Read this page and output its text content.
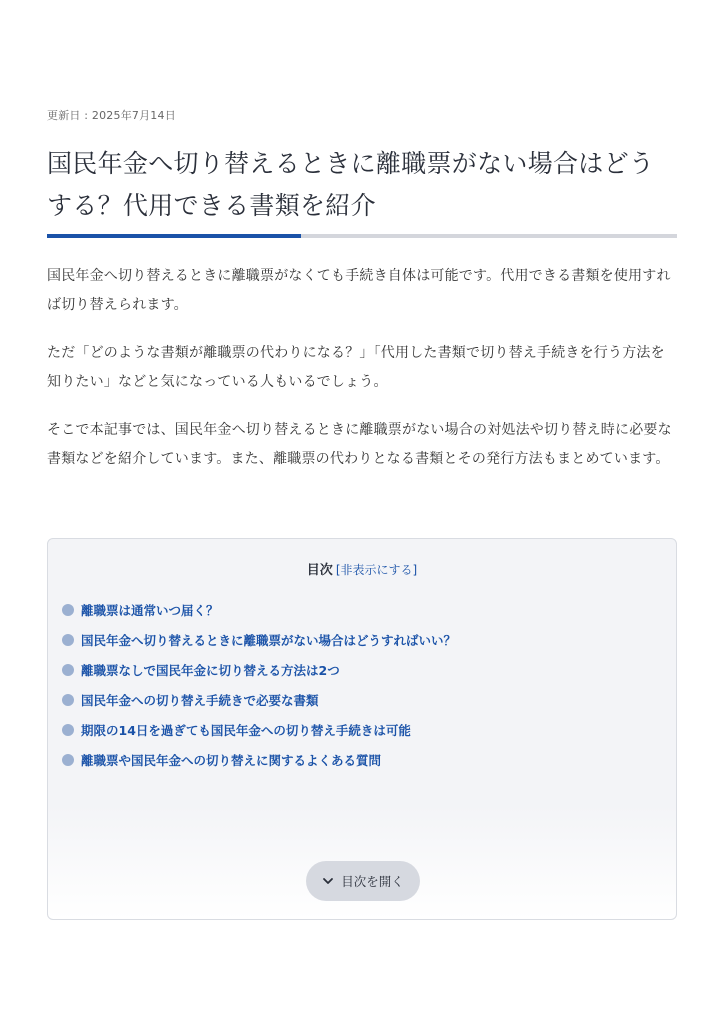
更新日 : 2025年7月14日
国民年金へ切り替えるときに離職票がない場合はどうする？代用できる書類を紹介

国民年金へ切り替えるときに離職票がなくても手続き自体は可能です。代用できる書類を使用すれば切り替えられます。

ただ「どのような書類が離職票の代わりになる？」「代用した書類で切り替え手続きを行う方法を知りたい」などと気になっている人もいるでしょう。

そこで本記事では、国民年金へ切り替えるときに離職票がない場合の対処法や切り替え時に必要な書類などを紹介しています。また、離職票の代わりとなる書類とその発行方法もまとめています。

目次 [非表示にする]
離職票は通常いつ届く？
国民年金へ切り替えるときに離職票がない場合はどうすればいい？
離職票なしで国民年金に切り替える方法は2つ
国民年金への切り替え手続きで必要な書類
期限の14日を過ぎても国民年金への切り替え手続きは可能
離職票や国民年金への切り替えに関するよくある質問
目次を開く
